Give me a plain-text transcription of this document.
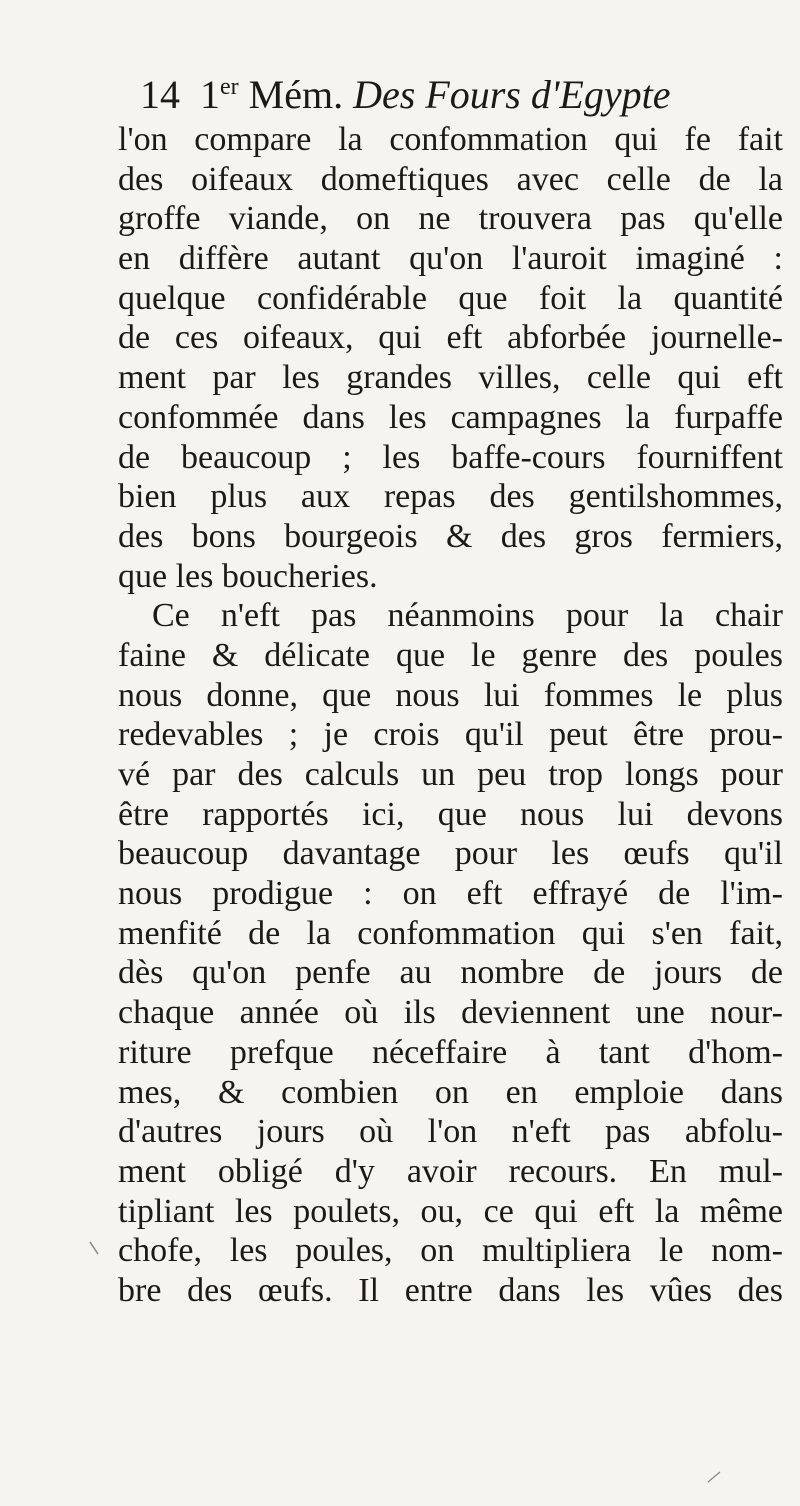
14 1er Mém. Des Fours d'Egypte
l'on compare la confommation qui fe fait
des oifeaux domeftiques avec celle de la
groffe viande, on ne trouvera pas qu'elle
en diffère autant qu'on l'auroit imaginé :
quelque confidérable que foit la quantité
de ces oifeaux, qui eft abforbée journelle-
ment par les grandes villes, celle qui eft
confommée dans les campagnes la furpaffe
de beaucoup ; les baffe-cours fourniffent
bien plus aux repas des gentilshommes,
des bons bourgeois & des gros fermiers,
que les boucheries.
Ce n'eft pas néanmoins pour la chair
faine & délicate que le genre des poules
nous donne, que nous lui fommes le plus
redevables ; je crois qu'il peut être prou-
vé par des calculs un peu trop longs pour
être rapportés ici, que nous lui devons
beaucoup davantage pour les œufs qu'il
nous prodigue : on eft effrayé de l'im-
menfité de la confommation qui s'en fait,
dès qu'on penfe au nombre de jours de
chaque année où ils deviennent une nour-
riture prefque néceffaire à tant d'hom-
mes, & combien on en emploie dans
d'autres jours où l'on n'eft pas abfolu-
ment obligé d'y avoir recours. En mul-
tipliant les poulets, ou, ce qui eft la même
chofe, les poules, on multipliera le nom-
bre des œufs. Il entre dans les vûes des
